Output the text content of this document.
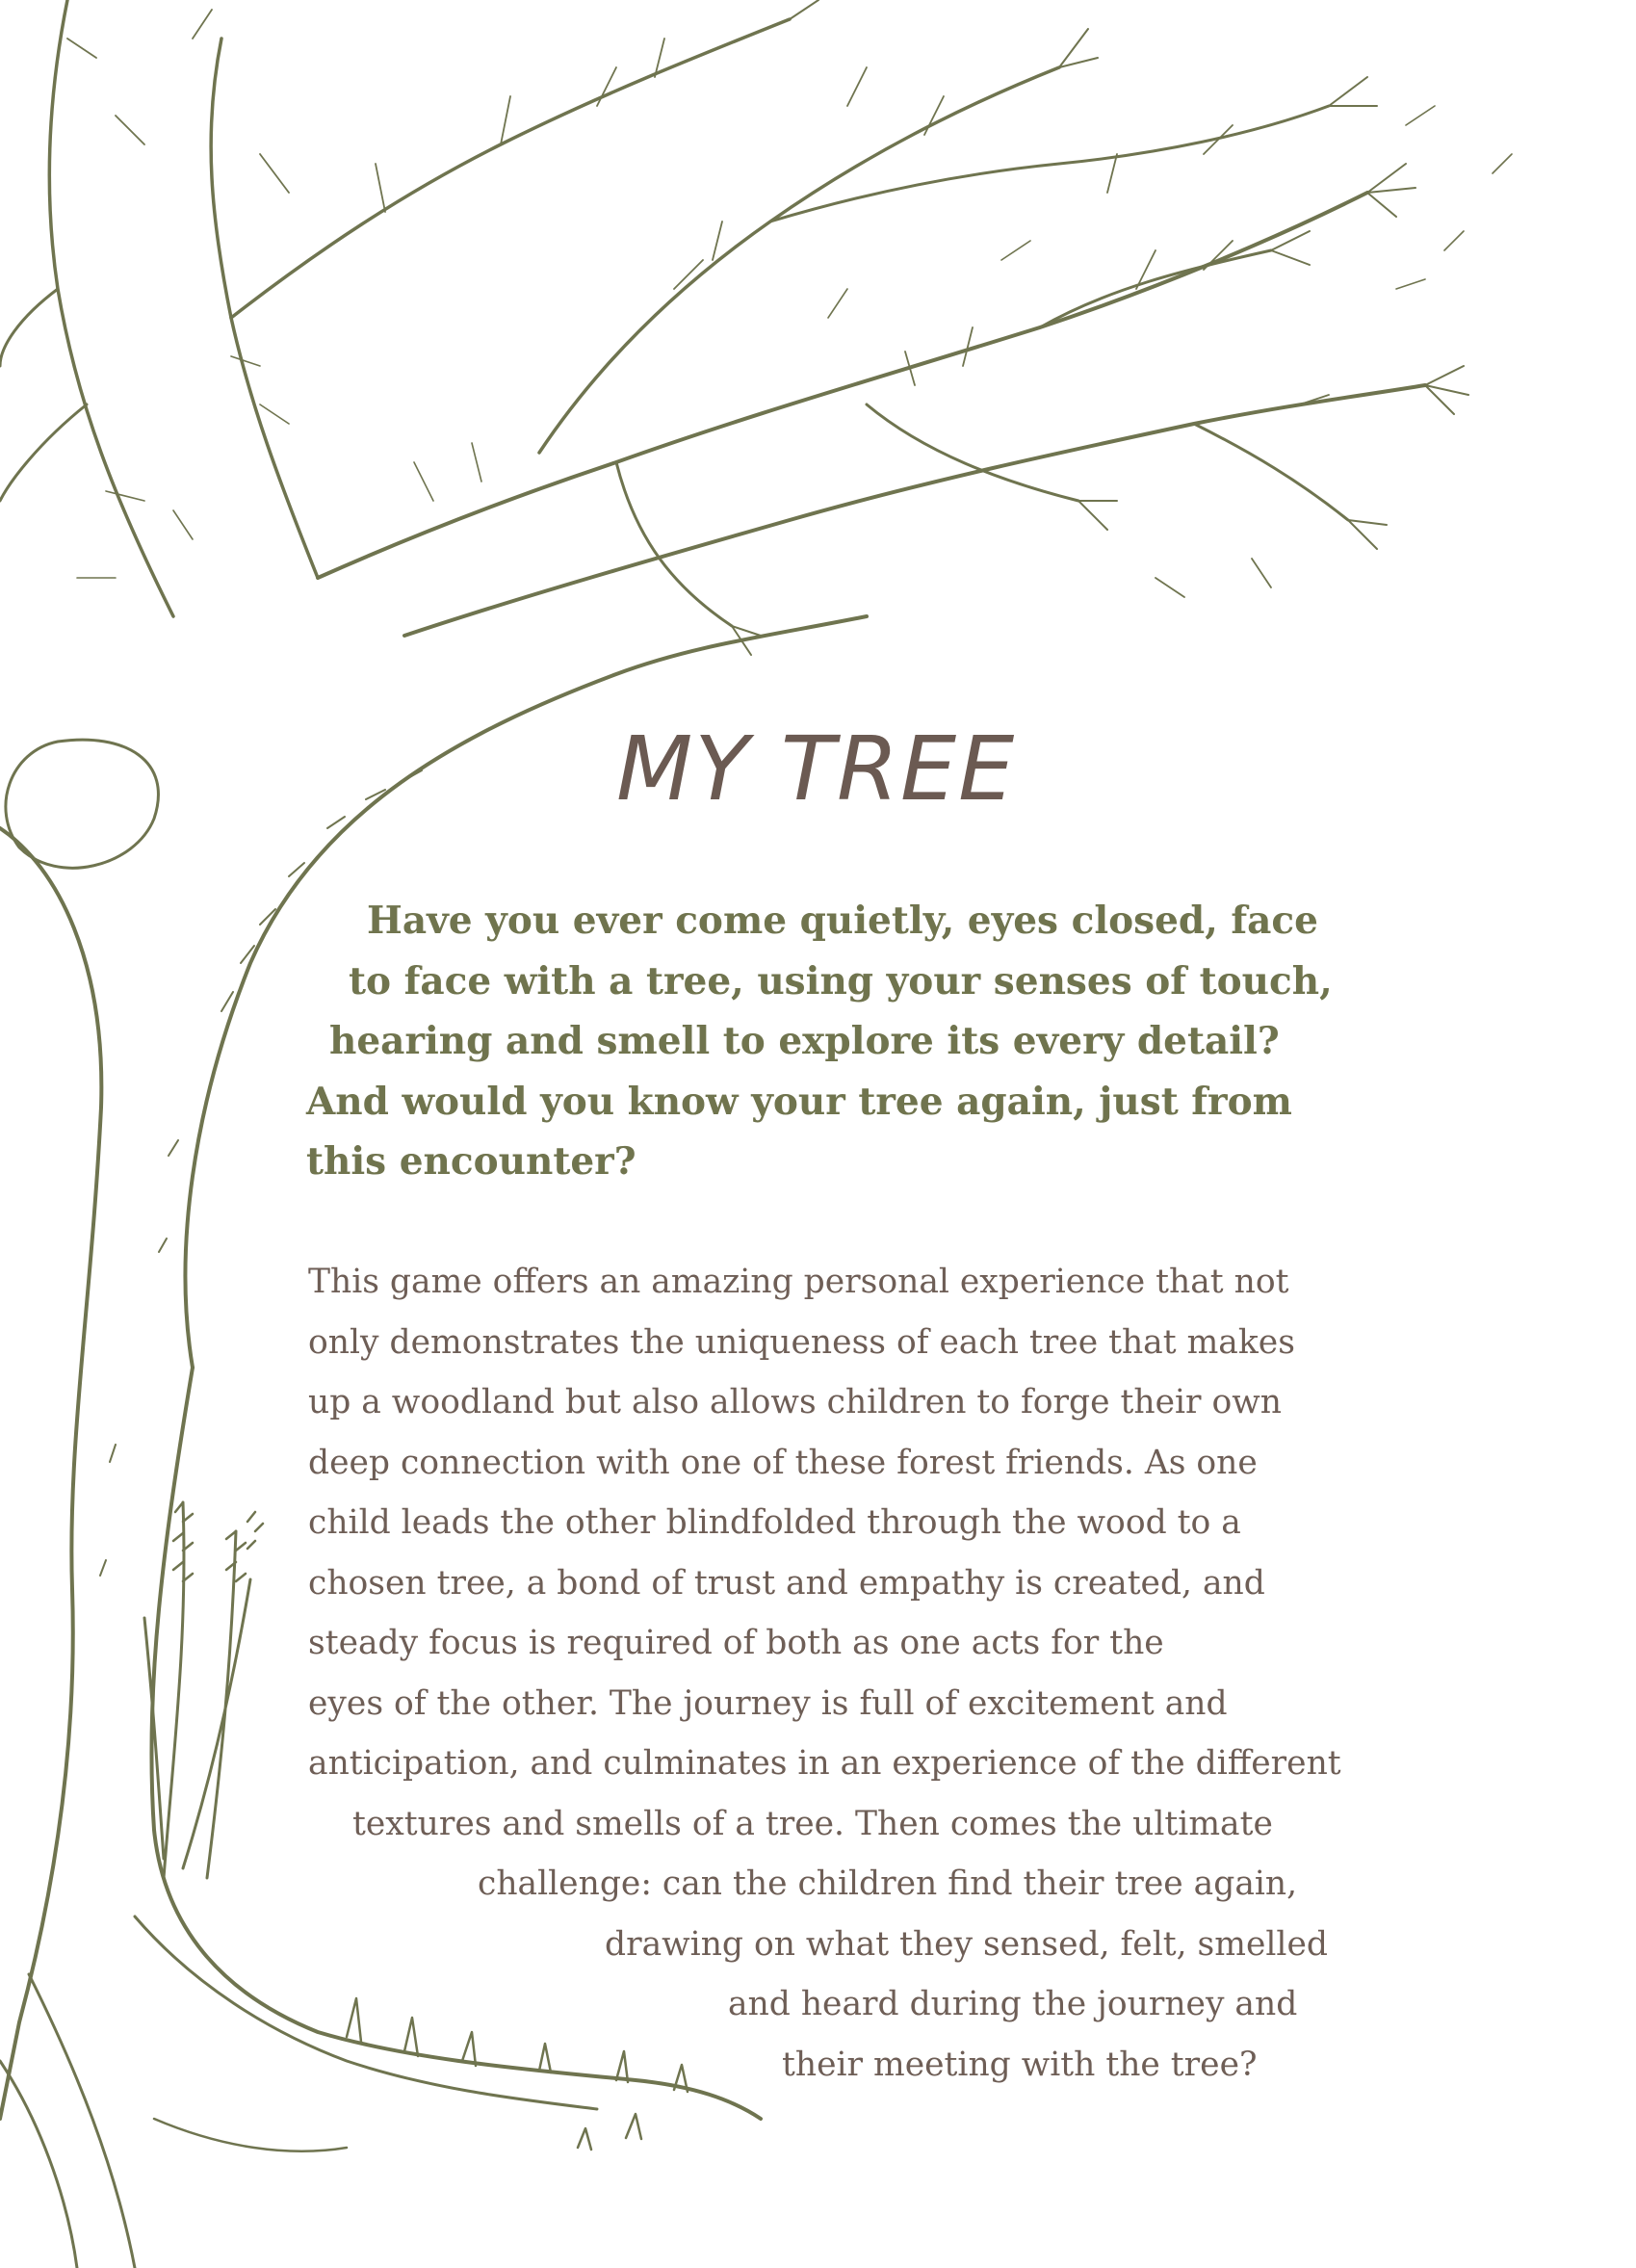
MY TREE
Have you ever come quietly, eyes closed, face
to face with a tree, using your senses of touch,
hearing and smell to explore its every detail?
And would you know your tree again, just from
this encounter?
This game offers an amazing personal experience that not
only demonstrates the uniqueness of each tree that makes
up a woodland but also allows children to forge their own
deep connection with one of these forest friends. As one
child leads the other blindfolded through the wood to a
chosen tree, a bond of trust and empathy is created, and
steady focus is required of both as one acts for the
eyes of the other. The journey is full of excitement and
anticipation, and culminates in an experience of the different
textures and smells of a tree. Then comes the ultimate
challenge: can the children find their tree again,
drawing on what they sensed, felt, smelled
and heard during the journey and
their meeting with the tree?
